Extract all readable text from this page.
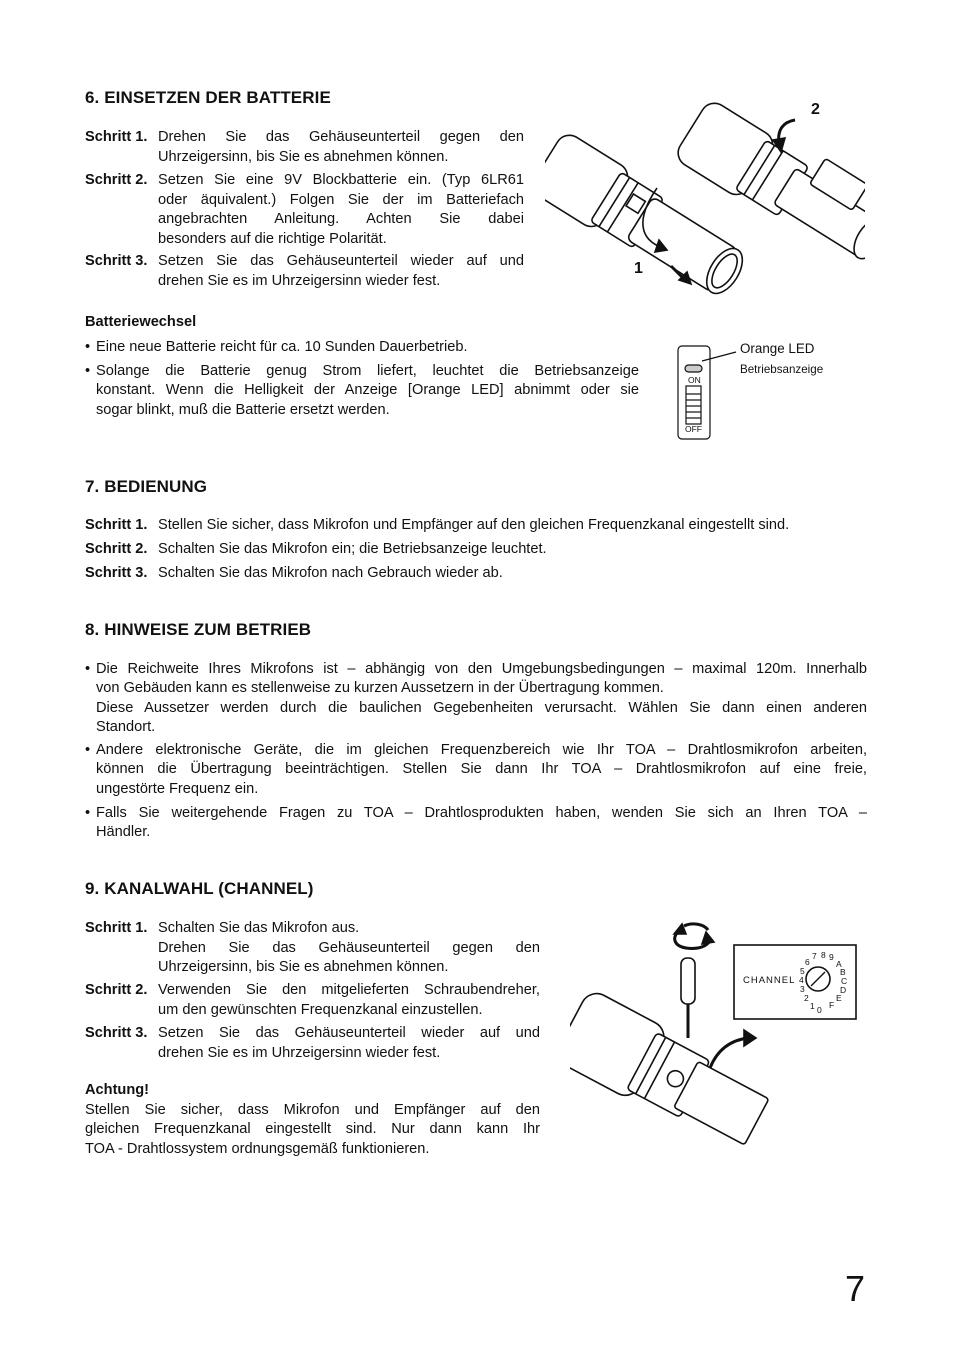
6. EINSETZEN DER BATTERIE
Schritt 1. Drehen Sie das Gehäuseunterteil gegen den
Uhrzeigersinn, bis Sie es abnehmen können.
Schritt 2. Setzen Sie eine 9V Blockbatterie ein. (Typ 6LR61
oder äquivalent.) Folgen Sie der im Batteriefach
angebrachten Anleitung. Achten Sie dabei
besonders auf die richtige Polarität.
Schritt 3. Setzen Sie das Gehäuseunterteil wieder auf und
drehen Sie es im Uhrzeigersinn wieder fest.
Batteriewechsel
• Eine neue Batterie reicht für ca. 10 Sunden Dauerbetrieb.
• Solange die Batterie genug Strom liefert, leuchtet die Betriebsanzeige
konstant. Wenn die Helligkeit der Anzeige [Orange LED] abnimmt oder sie
sogar blinkt, muß die Batterie ersetzt werden.
1
2
ON
OFF
Orange LED
Betriebsanzeige
7. BEDIENUNG
Schritt 1. Stellen Sie sicher, dass Mikrofon und Empfänger auf den gleichen Frequenzkanal eingestellt sind.
Schritt 2. Schalten Sie das Mikrofon ein; die Betriebsanzeige leuchtet.
Schritt 3. Schalten Sie das Mikrofon nach Gebrauch wieder ab.
8. HINWEISE ZUM BETRIEB
• Die Reichweite Ihres Mikrofons ist – abhängig von den Umgebungsbedingungen – maximal 120m. Innerhalb
von Gebäuden kann es stellenweise zu kurzen Aussetzern in der Übertragung kommen.
Diese Aussetzer werden durch die baulichen Gegebenheiten verursacht. Wählen Sie dann einen anderen
Standort.
• Andere elektronische Geräte, die im gleichen Frequenzbereich wie Ihr TOA – Drahtlosmikrofon arbeiten,
können die Übertragung beeinträchtigen. Stellen Sie dann Ihr TOA – Drahtlosmikrofon auf eine freie,
ungestörte Frequenz ein.
• Falls Sie weitergehende Fragen zu TOA – Drahtlosprodukten haben, wenden Sie sich an Ihren TOA –
Händler.
9. KANALWAHL (CHANNEL)
Schritt 1. Schalten Sie das Mikrofon aus.
Drehen Sie das Gehäuseunterteil gegen den
Uhrzeigersinn, bis Sie es abnehmen können.
Schritt 2. Verwenden Sie den mitgelieferten Schraubendreher,
um den gewünschten Frequenzkanal einzustellen.
Schritt 3. Setzen Sie das Gehäuseunterteil wieder auf und
drehen Sie es im Uhrzeigersinn wieder fest.
Achtung!
Stellen Sie sicher, dass Mikrofon und Empfänger auf den
gleichen Frequenzkanal eingestellt sind. Nur dann kann Ihr
TOA - Drahtlossystem ordnungsgemäß funktionieren.
CHANNEL
0
1
2
3
4
5
6
7 8 9
A
B
C
D
E
F
7
